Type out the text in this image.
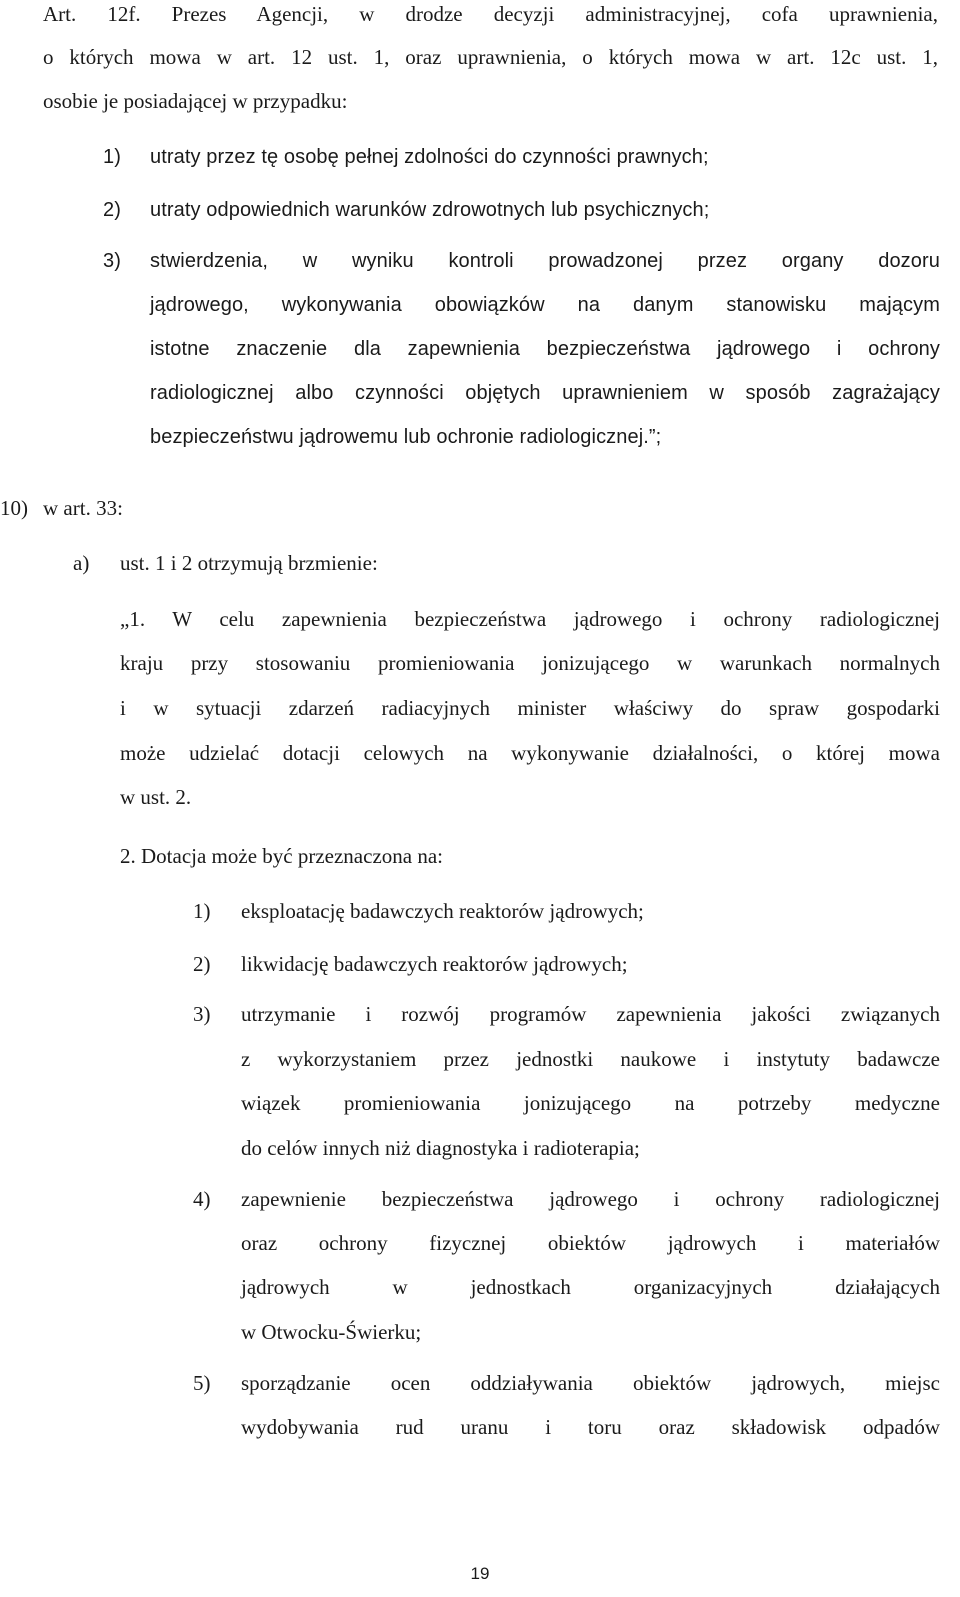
Art. 12f. Prezes Agencji, w drodze decyzji administracyjnej, cofa uprawnienia,
o których mowa w art. 12 ust. 1, oraz uprawnienia, o których mowa w art. 12c ust. 1,
osobie je posiadającej w przypadku:
1) utraty przez tę osobę pełnej zdolności do czynności prawnych;
2) utraty odpowiednich warunków zdrowotnych lub psychicznych;
3) stwierdzenia, w wyniku kontroli prowadzonej przez organy dozoru
jądrowego, wykonywania obowiązków na danym stanowisku mającym
istotne znaczenie dla zapewnienia bezpieczeństwa jądrowego i ochrony
radiologicznej albo czynności objętych uprawnieniem w sposób zagrażający
bezpieczeństwu jądrowemu lub ochronie radiologicznej.”;
10) w art. 33:
a) ust. 1 i 2 otrzymują brzmienie:
„1. W celu zapewnienia bezpieczeństwa jądrowego i ochrony radiologicznej
kraju przy stosowaniu promieniowania jonizującego w warunkach normalnych
i w sytuacji zdarzeń radiacyjnych minister właściwy do spraw gospodarki
może udzielać dotacji celowych na wykonywanie działalności, o której mowa
w ust. 2.
2. Dotacja może być przeznaczona na:
1) eksploatację badawczych reaktorów jądrowych;
2) likwidację badawczych reaktorów jądrowych;
3) utrzymanie i rozwój programów zapewnienia jakości związanych
z wykorzystaniem przez jednostki naukowe i instytuty badawcze
wiązek promieniowania jonizującego na potrzeby medyczne
do celów innych niż diagnostyka i radioterapia;
4) zapewnienie bezpieczeństwa jądrowego i ochrony radiologicznej
oraz ochrony fizycznej obiektów jądrowych i materiałów
jądrowych w jednostkach organizacyjnych działających
w Otwocku-Świerku;
5) sporządzanie ocen oddziaływania obiektów jądrowych, miejsc
wydobywania rud uranu i toru oraz składowisk odpadów
19
